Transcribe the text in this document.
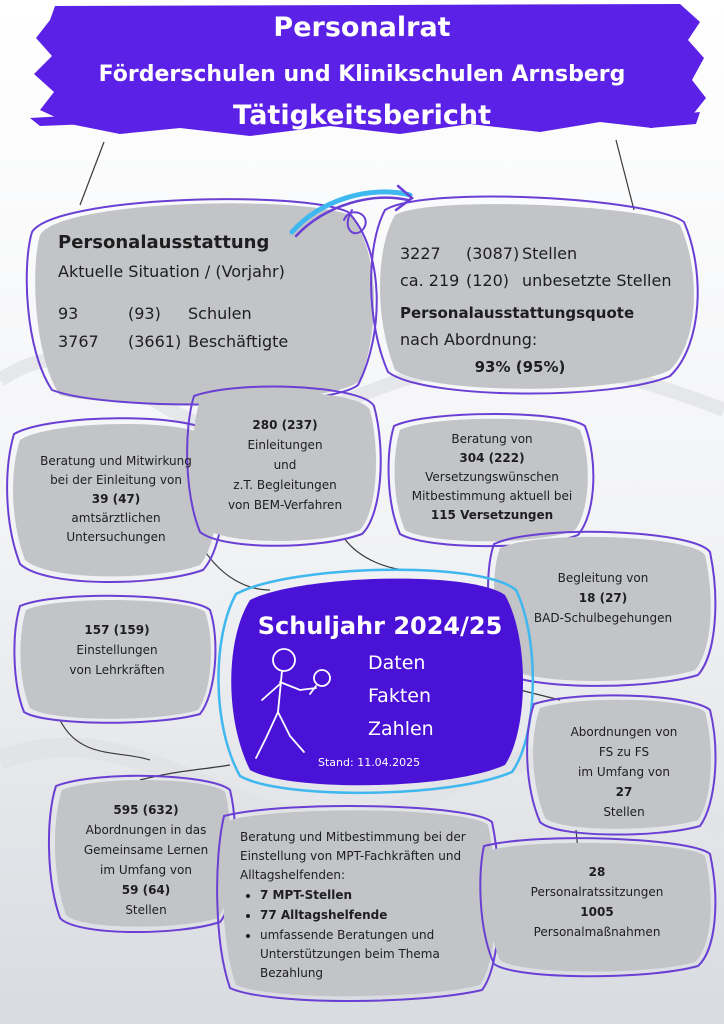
Personalrat
Förderschulen und Klinikschulen Arnsberg
Tätigkeitsbericht
Personalausstattung
Aktuelle Situation / (Vorjahr)
93	(93)	Schulen
3767	(3661) Beschäftigte
3227	(3087) Stellen
ca. 219 (120) unbesetzte Stellen
Personalausstattungsquote
nach Abordnung:
93% (95%)
Beratung und Mitwirkung
bei der Einleitung von
39 (47)
amtsärztlichen
Untersuchungen
280 (237)
Einleitungen
und
z.T. Begleitungen
von BEM-Verfahren
Beratung von
304 (222)
Versetzungswünschen
Mitbestimmung aktuell bei
115 Versetzungen
Begleitung von
18 (27)
BAD-Schulbegehungen
157 (159)
Einstellungen
von Lehrkräften
Schuljahr 2024/25
Daten
Fakten
Zahlen
Stand: 11.04.2025
Abordnungen von
FS zu FS
im Umfang von
27
Stellen
595 (632)
Abordnungen in das
Gemeinsame Lernen
im Umfang von
59 (64)
Stellen
Beratung und Mitbestimmung bei der Einstellung von MPT-Fachkräften und Alltagshelfenden:
• 7 MPT-Stellen
• 77 Alltagshelfende
• umfassende Beratungen und Unterstützungen beim Thema Bezahlung
28
Personalratssitzungen
1005
Personalmaßnahmen
